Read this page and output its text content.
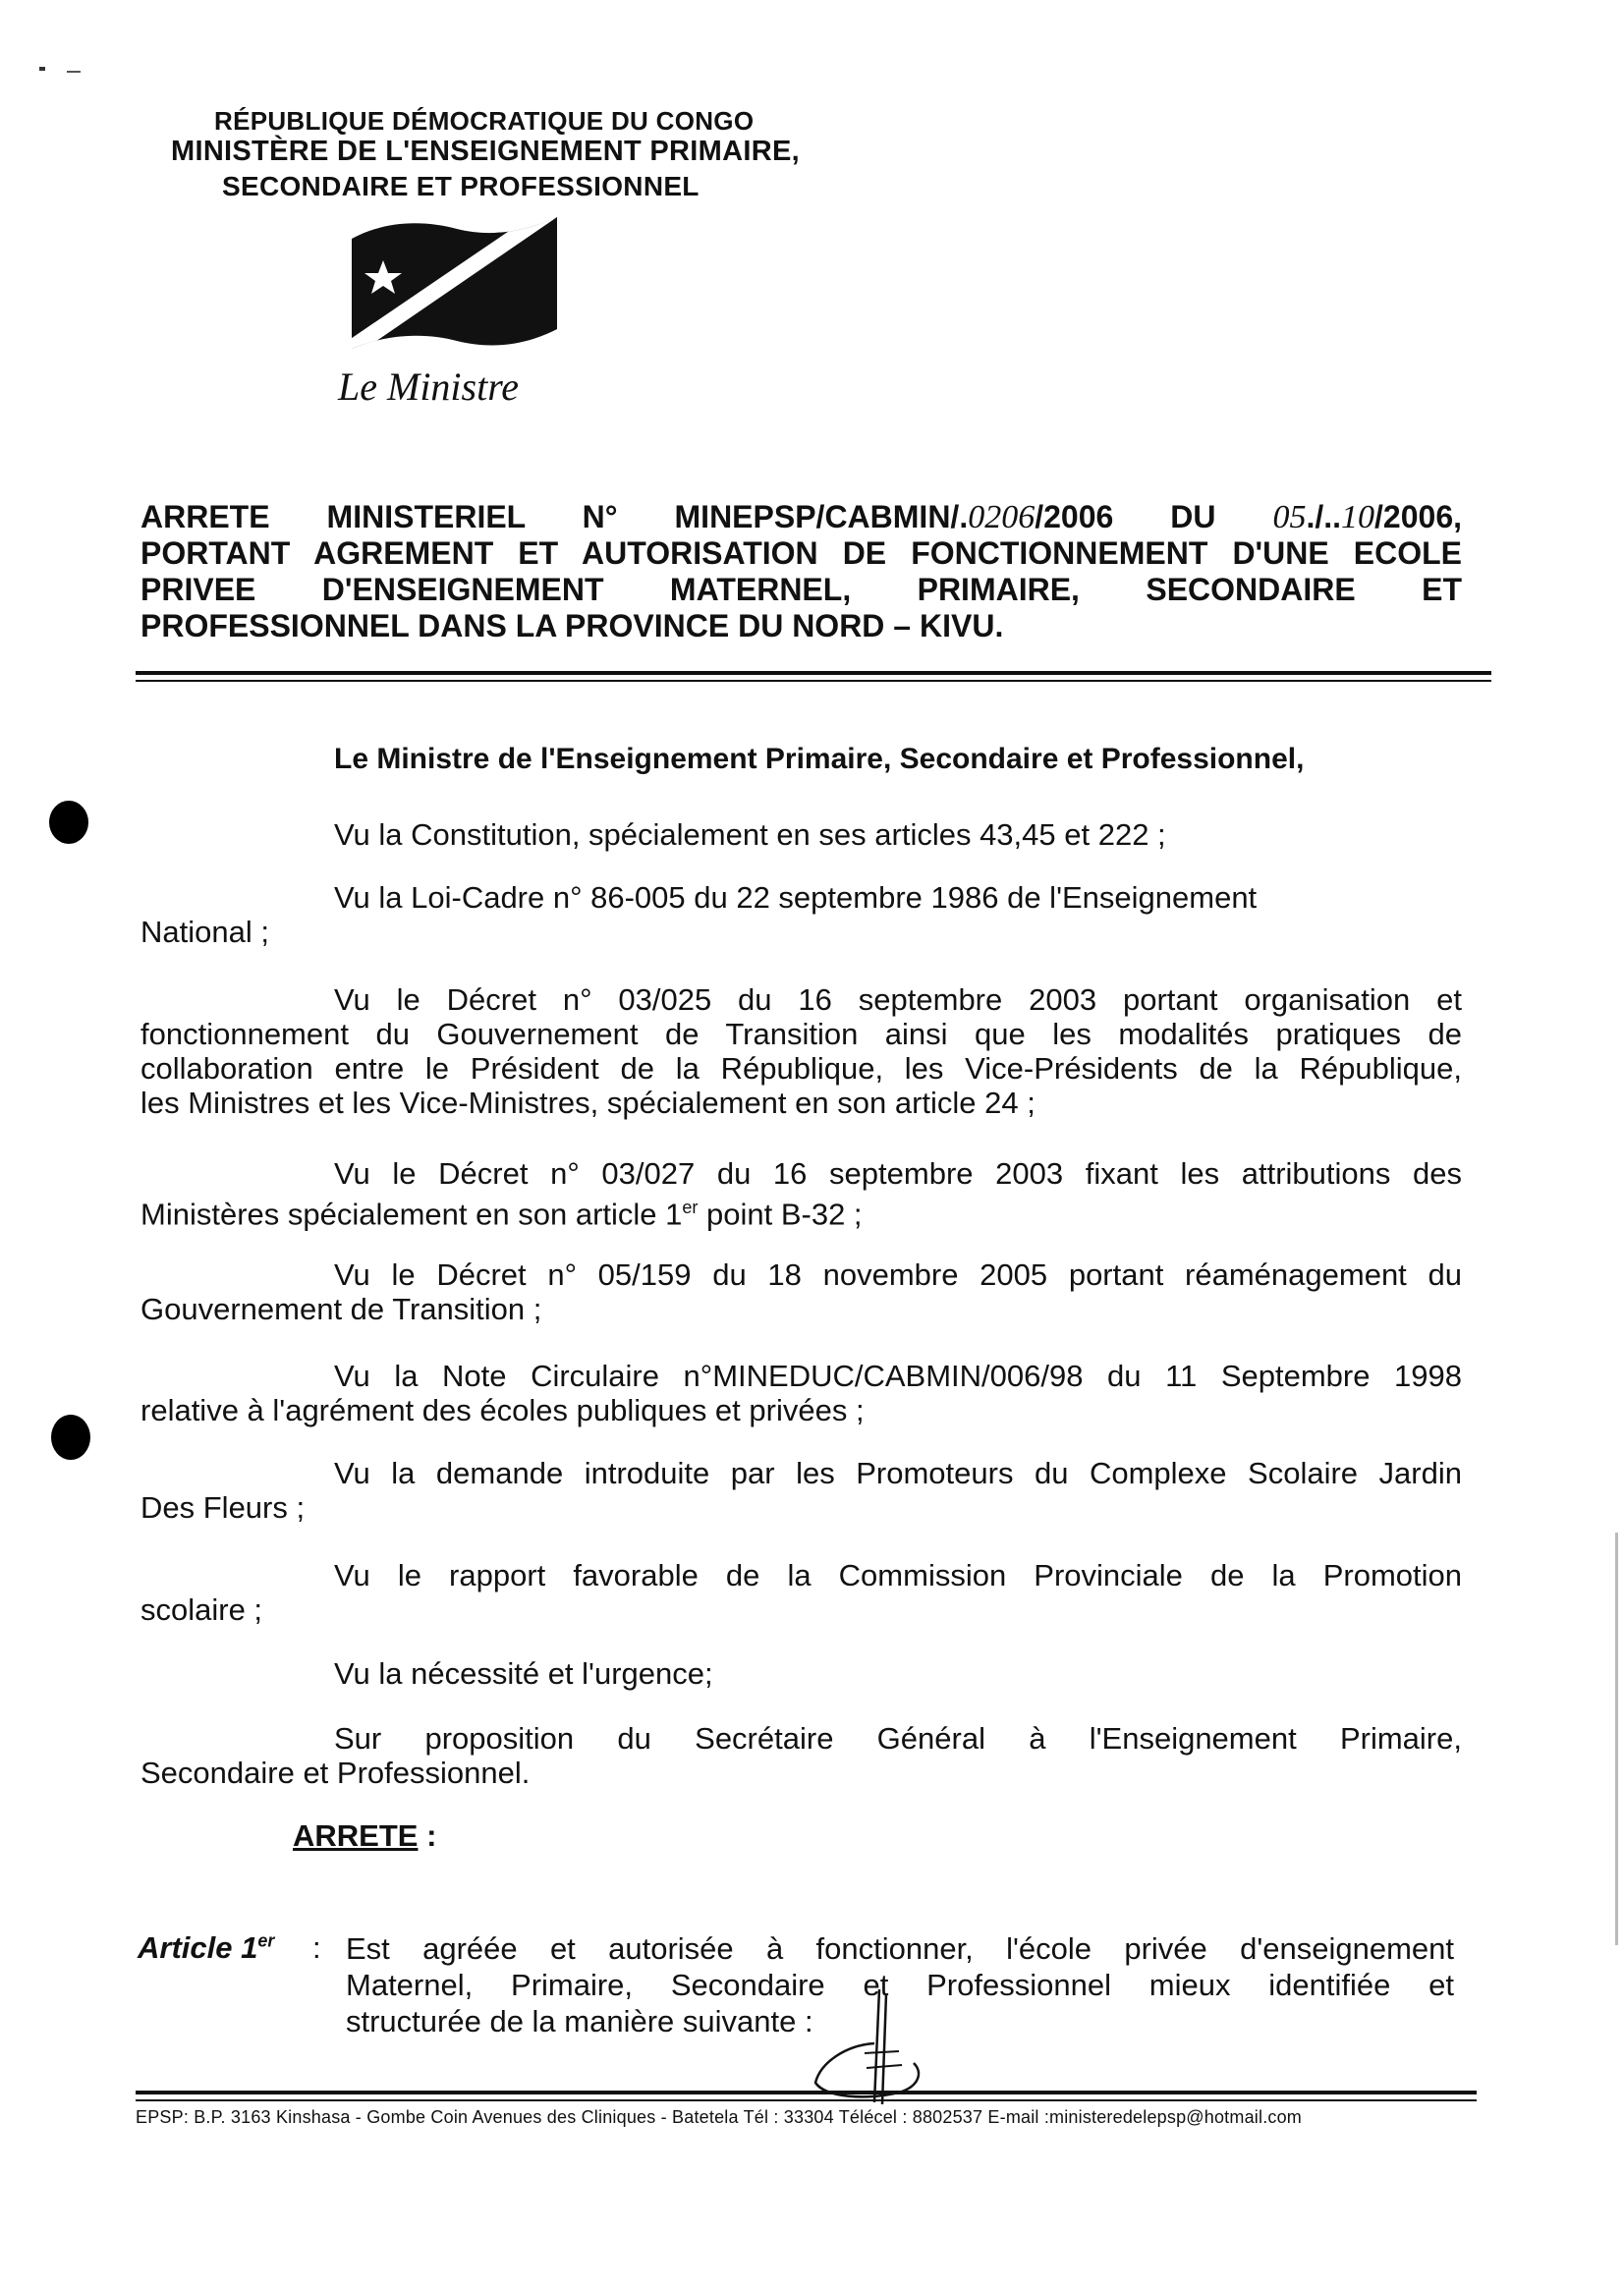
RÉPUBLIQUE DÉMOCRATIQUE DU CONGO
MINISTÈRE DE L'ENSEIGNEMENT PRIMAIRE,
SECONDAIRE ET PROFESSIONNEL
Le Ministre
ARRETE MINISTERIEL N° MINEPSP/CABMIN/.0206/2006 DU 05./..10/2006,
PORTANT AGREMENT ET AUTORISATION DE FONCTIONNEMENT D'UNE ECOLE
PRIVEE D'ENSEIGNEMENT MATERNEL, PRIMAIRE, SECONDAIRE ET
PROFESSIONNEL DANS LA PROVINCE DU NORD – KIVU.
Le Ministre de l'Enseignement Primaire, Secondaire et Professionnel,
Vu la Constitution, spécialement en ses articles 43,45 et 222 ;
Vu la Loi-Cadre n° 86-005 du 22 septembre 1986 de l'Enseignement
National ;
Vu le Décret n° 03/025 du 16 septembre 2003 portant organisation et
fonctionnement du Gouvernement de Transition ainsi que les modalités pratiques de
collaboration entre le Président de la République, les Vice-Présidents de la République,
les Ministres et les Vice-Ministres, spécialement en son article 24 ;
Vu le Décret n° 03/027 du 16 septembre 2003 fixant les attributions des
Ministères spécialement en son article 1er point B-32 ;
Vu le Décret n° 05/159 du 18 novembre 2005 portant réaménagement du
Gouvernement de Transition ;
Vu la Note Circulaire n°MINEDUC/CABMIN/006/98 du 11 Septembre 1998
relative à l'agrément des écoles publiques et privées ;
Vu la demande introduite par les Promoteurs du Complexe Scolaire Jardin
Des Fleurs ;
Vu le rapport favorable de la Commission Provinciale de la Promotion
scolaire ;
Vu la nécessité et l'urgence;
Sur proposition du Secrétaire Général à l'Enseignement Primaire,
Secondaire et Professionnel.
ARRETE :
Article 1er : Est agréée et autorisée à fonctionner, l'école privée d'enseignement
Maternel, Primaire, Secondaire et Professionnel mieux identifiée et
structurée de la manière suivante :
EPSP: B.P. 3163 Kinshasa - Gombe Coin Avenues des Cliniques - Batetela Tél : 33304 Télécel : 8802537 E-mail :ministeredelepsp@hotmail.com
